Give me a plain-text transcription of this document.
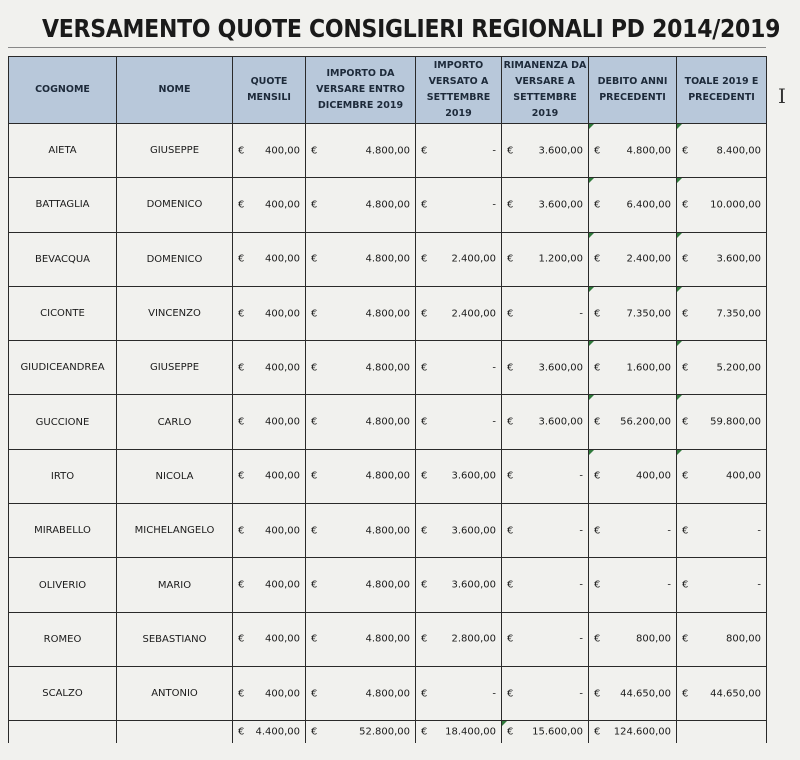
VERSAMENTO QUOTE CONSIGLIERI REGIONALI PD 2014/2019
I
COGNOME	NOME	QUOTE MENSILI	IMPORTO DA VERSARE ENTRO DICEMBRE 2019	IMPORTO VERSATO A SETTEMBRE 2019	RIMANENZA DA VERSARE A SETTEMBRE 2019	DEBITO ANNI PRECEDENTI	TOALE 2019 E PRECEDENTI
AIETA	GIUSEPPE	€ 400,00	€ 4.800,00	€ -	€ 3.600,00	€ 4.800,00	€ 8.400,00

BATTAGLIA	DOMENICO	€ 400,00	€ 4.800,00	€ -	€ 3.600,00	€ 6.400,00	€ 10.000,00

BEVACQUA	DOMENICO	€ 400,00	€ 4.800,00	€ 2.400,00	€ 1.200,00	€ 2.400,00	€ 3.600,00

CICONTE	VINCENZO	€ 400,00	€ 4.800,00	€ 2.400,00	€ -	€ 7.350,00	€ 7.350,00

GIUDICEANDREA	GIUSEPPE	€ 400,00	€ 4.800,00	€ -	€ 3.600,00	€ 1.600,00	€ 5.200,00

GUCCIONE	CARLO	€ 400,00	€ 4.800,00	€ -	€ 3.600,00	€ 56.200,00	€ 59.800,00

IRTO	NICOLA	€ 400,00	€ 4.800,00	€ 3.600,00	€ -	€ 400,00	€ 400,00

MIRABELLO	MICHELANGELO	€ 400,00	€ 4.800,00	€ 3.600,00	€ -	€ -	€ -

OLIVERIO	MARIO	€ 400,00	€ 4.800,00	€ 3.600,00	€ -	€ -	€ -

ROMEO	SEBASTIANO	€ 400,00	€ 4.800,00	€ 2.800,00	€ -	€ 800,00	€ 800,00

SCALZO	ANTONIO	€ 400,00	€ 4.800,00	€ -	€ -	€ 44.650,00	€ 44.650,00

		€ 4.400,00	€ 52.800,00	€ 18.400,00	€ 15.600,00	€ 124.600,00	
